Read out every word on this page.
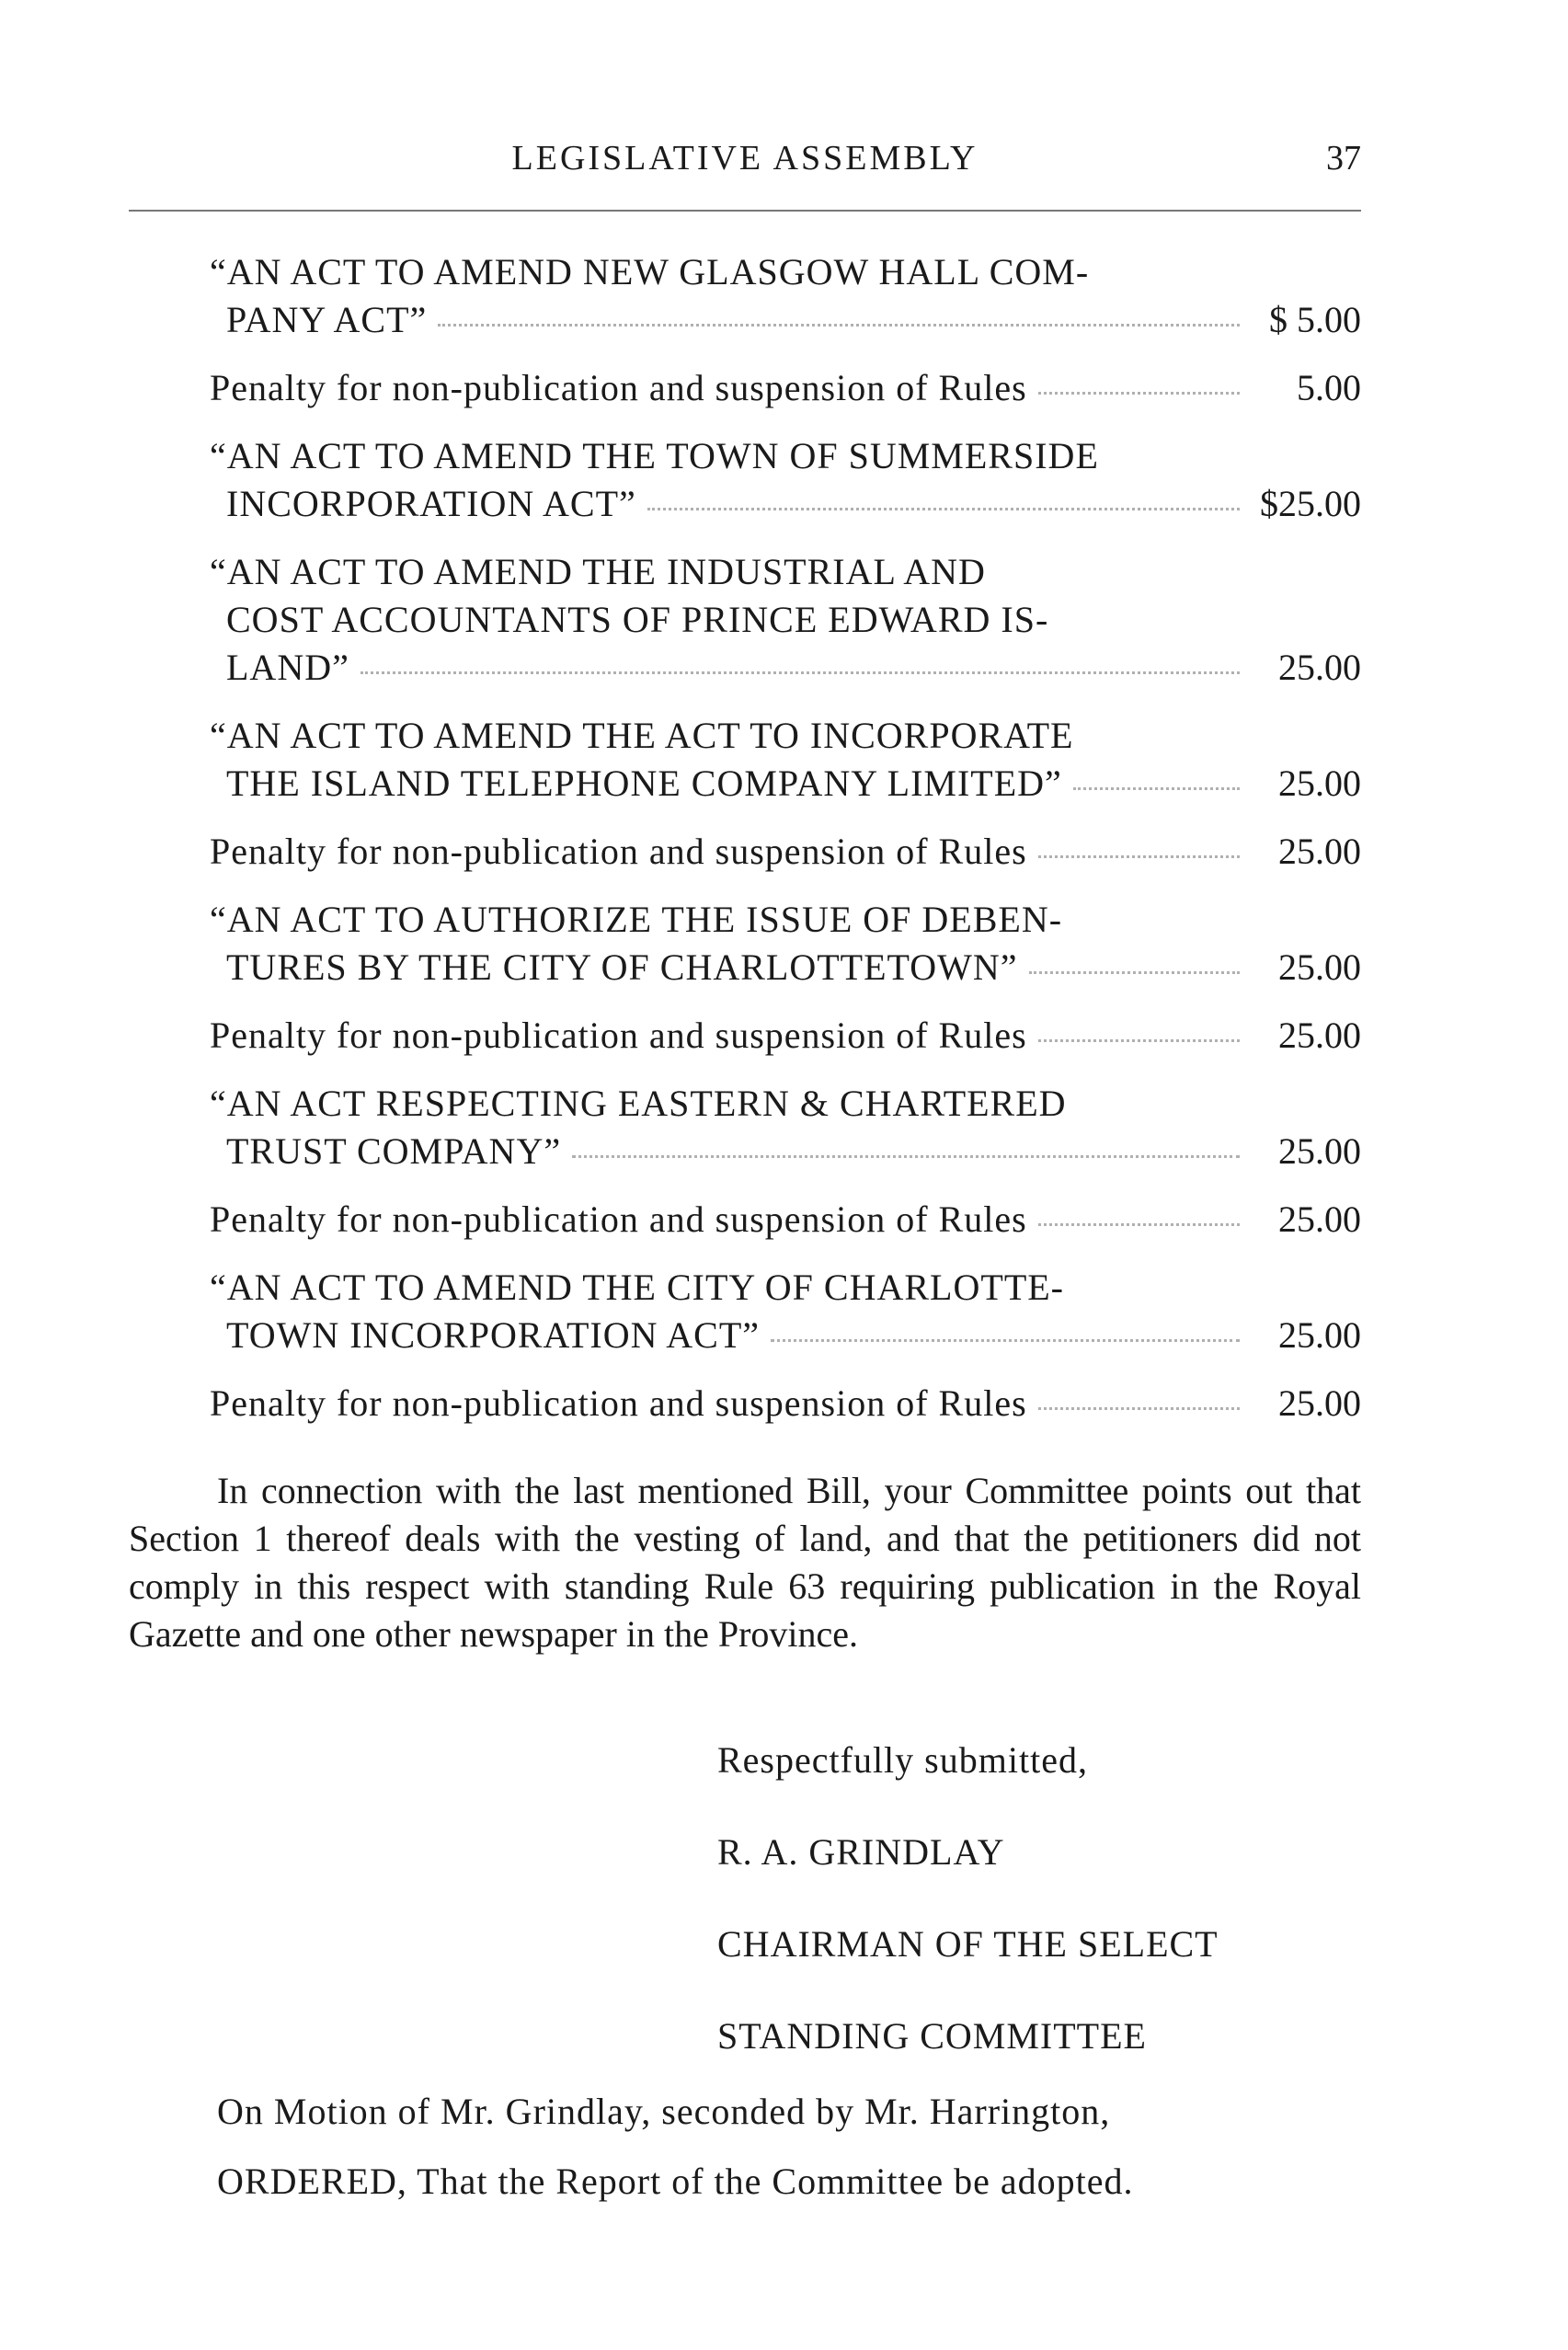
LEGISLATIVE ASSEMBLY	37
“AN ACT TO AMEND NEW GLASGOW HALL COM-
PANY ACT”	$ 5.00
Penalty for non-publication and suspension of Rules	5.00
“AN ACT TO AMEND THE TOWN OF SUMMERSIDE
INCORPORATION ACT”	$25.00
“AN ACT TO AMEND THE INDUSTRIAL AND
COST ACCOUNTANTS OF PRINCE EDWARD IS-
LAND”	25.00
“AN ACT TO AMEND THE ACT TO INCORPORATE
THE ISLAND TELEPHONE COMPANY LIMITED”	25.00
Penalty for non-publication and suspension of Rules	25.00
“AN ACT TO AUTHORIZE THE ISSUE OF DEBEN-
TURES BY THE CITY OF CHARLOTTETOWN”	25.00
Penalty for non-publication and suspension of Rules	25.00
“AN ACT RESPECTING EASTERN & CHARTERED
TRUST COMPANY”	25.00
Penalty for non-publication and suspension of Rules	25.00
“AN ACT TO AMEND THE CITY OF CHARLOTTE-
TOWN INCORPORATION ACT”	25.00
Penalty for non-publication and suspension of Rules	25.00
In connection with the last mentioned Bill, your Committee points out that Section 1 thereof deals with the vesting of land, and that the petitioners did not comply in this respect with standing Rule 63 requiring publication in the Royal Gazette and one other newspaper in the Province.
Respectfully submitted,
R. A. GRINDLAY
CHAIRMAN OF THE SELECT
STANDING COMMITTEE
On Motion of Mr. Grindlay, seconded by Mr. Harrington,
ORDERED, That the Report of the Committee be adopted.
